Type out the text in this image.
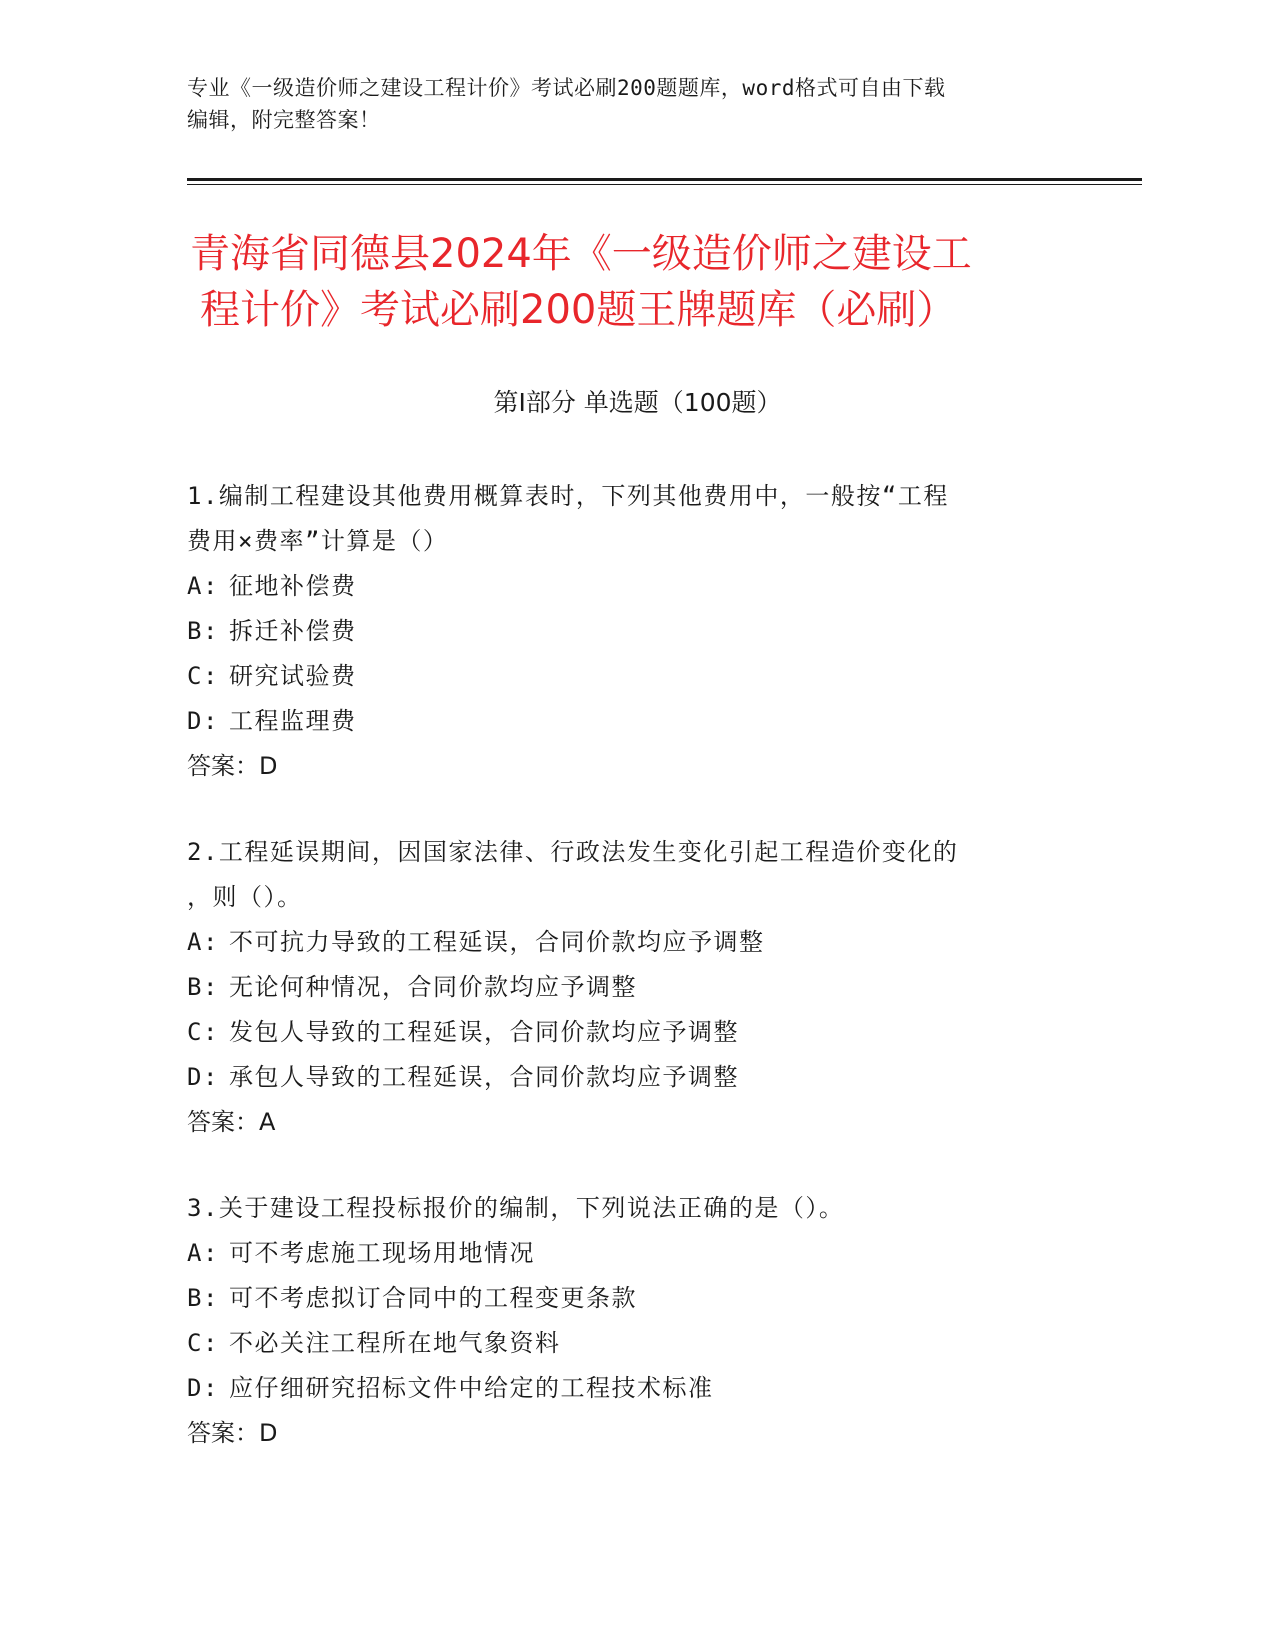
专业《一级造价师之建设工程计价》考试必刷200题题库，word格式可自由下载
编辑，附完整答案！
青海省同德县2024年《一级造价师之建设工
程计价》考试必刷200题王牌题库（必刷）
第Ⅰ部分 单选题（100题）

1.编制工程建设其他费用概算表时，下列其他费用中，一般按“工程

费用×费率”计算是（）

A: 征地补偿费

B: 拆迁补偿费

C: 研究试验费

D: 工程监理费

答案：D

2.工程延误期间，因国家法律、行政法发生变化引起工程造价变化的

，则（）。

A: 不可抗力导致的工程延误，合同价款均应予调整

B: 无论何种情况，合同价款均应予调整

C: 发包人导致的工程延误，合同价款均应予调整

D: 承包人导致的工程延误，合同价款均应予调整

答案：A

3.关于建设工程投标报价的编制，下列说法正确的是（）。

A: 可不考虑施工现场用地情况

B: 可不考虑拟订合同中的工程变更条款

C: 不必关注工程所在地气象资料

D: 应仔细研究招标文件中给定的工程技术标准

答案：D
